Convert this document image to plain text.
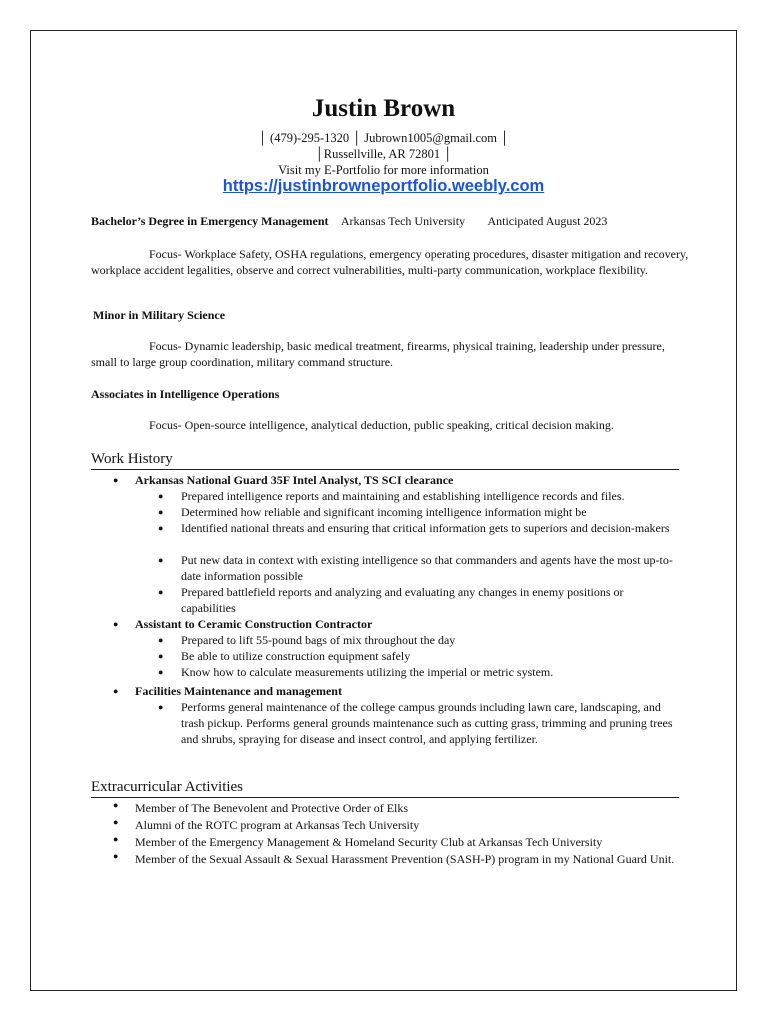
Justin Brown
│ (479)-295-1320 │ Jubrown1005@gmail.com │
│Russellville, AR 72801 │
Visit my E-Portfolio for more information
https://justinbrowneportfolio.weebly.com
Bachelor’s Degree in Emergency Management Arkansas Tech University Anticipated August 2023
Focus- Workplace Safety, OSHA regulations, emergency operating procedures, disaster mitigation and recovery, workplace accident legalities, observe and correct vulnerabilities, multi-party communication, workplace flexibility.
Minor in Military Science
Focus- Dynamic leadership, basic medical treatment, firearms, physical training, leadership under pressure, small to large group coordination, military command structure.
Associates in Intelligence Operations
Focus- Open-source intelligence, analytical deduction, public speaking, critical decision making.
Work History
● Arkansas National Guard 35F Intel Analyst, TS SCI clearance
● Prepared intelligence reports and maintaining and establishing intelligence records and files.
● Determined how reliable and significant incoming intelligence information might be
● Identified national threats and ensuring that critical information gets to superiors and decision-makers
● Put new data in context with existing intelligence so that commanders and agents have the most up-to-date information possible
● Prepared battlefield reports and analyzing and evaluating any changes in enemy positions or capabilities
● Assistant to Ceramic Construction Contractor
● Prepared to lift 55-pound bags of mix throughout the day
● Be able to utilize construction equipment safely
● Know how to calculate measurements utilizing the imperial or metric system.
● Facilities Maintenance and management
● Performs general maintenance of the college campus grounds including lawn care, landscaping, and trash pickup. Performs general grounds maintenance such as cutting grass, trimming and pruning trees and shrubs, spraying for disease and insect control, and applying fertilizer.
Extracurricular Activities
● Member of The Benevolent and Protective Order of Elks
● Alumni of the ROTC program at Arkansas Tech University
● Member of the Emergency Management & Homeland Security Club at Arkansas Tech University
● Member of the Sexual Assault & Sexual Harassment Prevention (SASH-P) program in my National Guard Unit.
